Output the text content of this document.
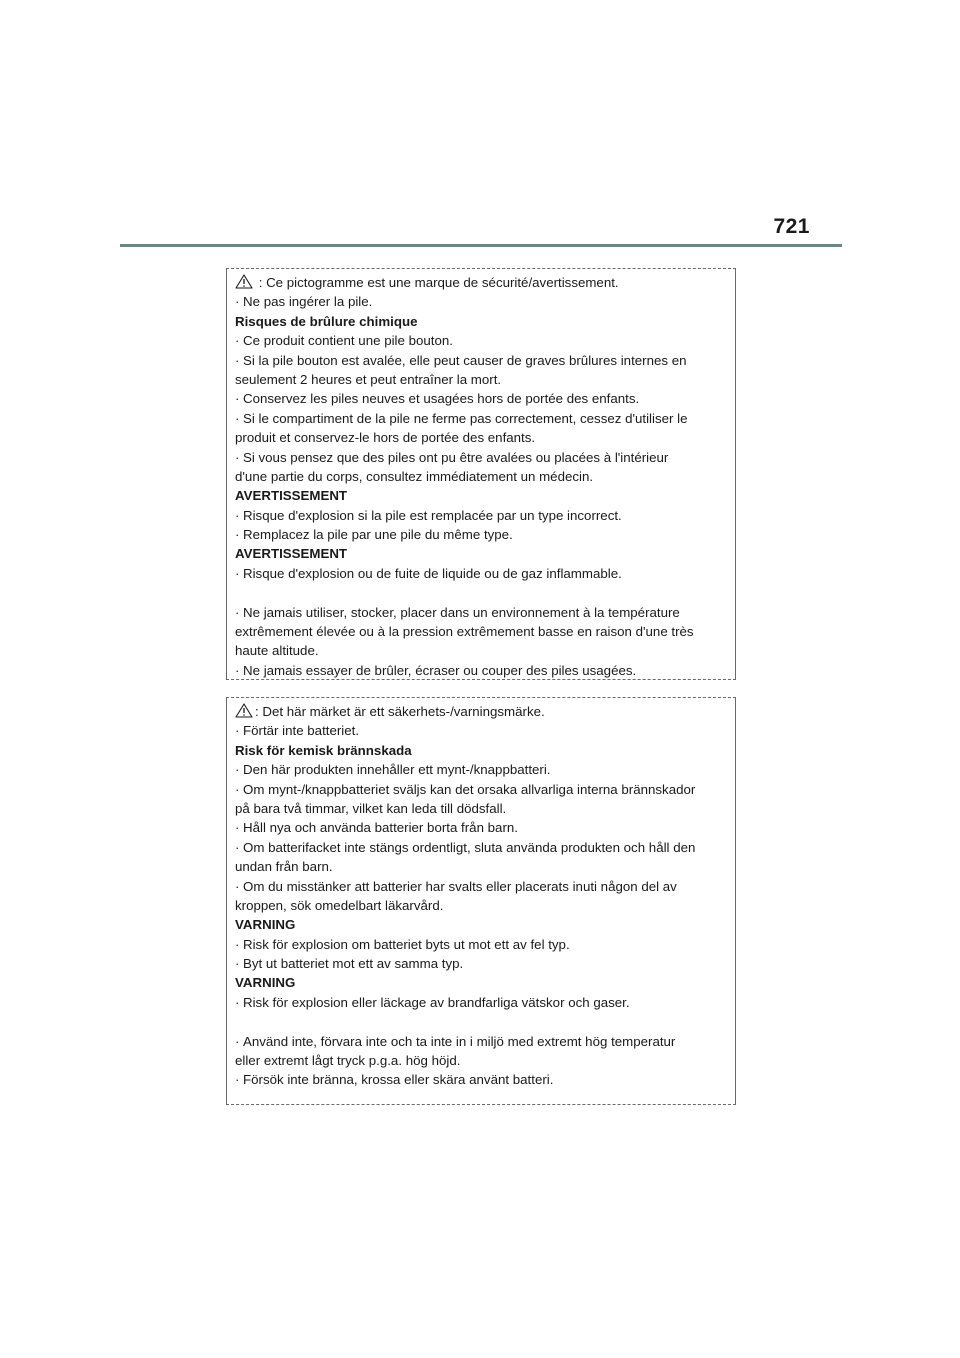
721
: Ce pictogramme est une marque de sécurité/avertissement.
· Ne pas ingérer la pile.
Risques de brûlure chimique
· Ce produit contient une pile bouton.
· Si la pile bouton est avalée, elle peut causer de graves brûlures internes en
seulement 2 heures et peut entraîner la mort.
· Conservez les piles neuves et usagées hors de portée des enfants.
· Si le compartiment de la pile ne ferme pas correctement, cessez d'utiliser le
produit et conservez-le hors de portée des enfants.
· Si vous pensez que des piles ont pu être avalées ou placées à l'intérieur
d'une partie du corps, consultez immédiatement un médecin.
AVERTISSEMENT
· Risque d'explosion si la pile est remplacée par un type incorrect.
· Remplacez la pile par une pile du même type.
AVERTISSEMENT
· Risque d'explosion ou de fuite de liquide ou de gaz inflammable.
· Ne jamais utiliser, stocker, placer dans un environnement à la température
extrêmement élevée ou à la pression extrêmement basse en raison d'une très
haute altitude.
· Ne jamais essayer de brûler, écraser ou couper des piles usagées.
: Det här märket är ett säkerhets-/varningsmärke.
· Förtär inte batteriet.
Risk för kemisk brännskada
· Den här produkten innehåller ett mynt-/knappbatteri.
· Om mynt-/knappbatteriet sväljs kan det orsaka allvarliga interna brännskador
på bara två timmar, vilket kan leda till dödsfall.
· Håll nya och använda batterier borta från barn.
· Om batterifacket inte stängs ordentligt, sluta använda produkten och håll den
undan från barn.
· Om du misstänker att batterier har svalts eller placerats inuti någon del av
kroppen, sök omedelbart läkarvård.
VARNING
· Risk för explosion om batteriet byts ut mot ett av fel typ.
· Byt ut batteriet mot ett av samma typ.
VARNING
· Risk för explosion eller läckage av brandfarliga vätskor och gaser.
· Använd inte, förvara inte och ta inte in i miljö med extremt hög temperatur
eller extremt lågt tryck p.g.a. hög höjd.
· Försök inte bränna, krossa eller skära använt batteri.
